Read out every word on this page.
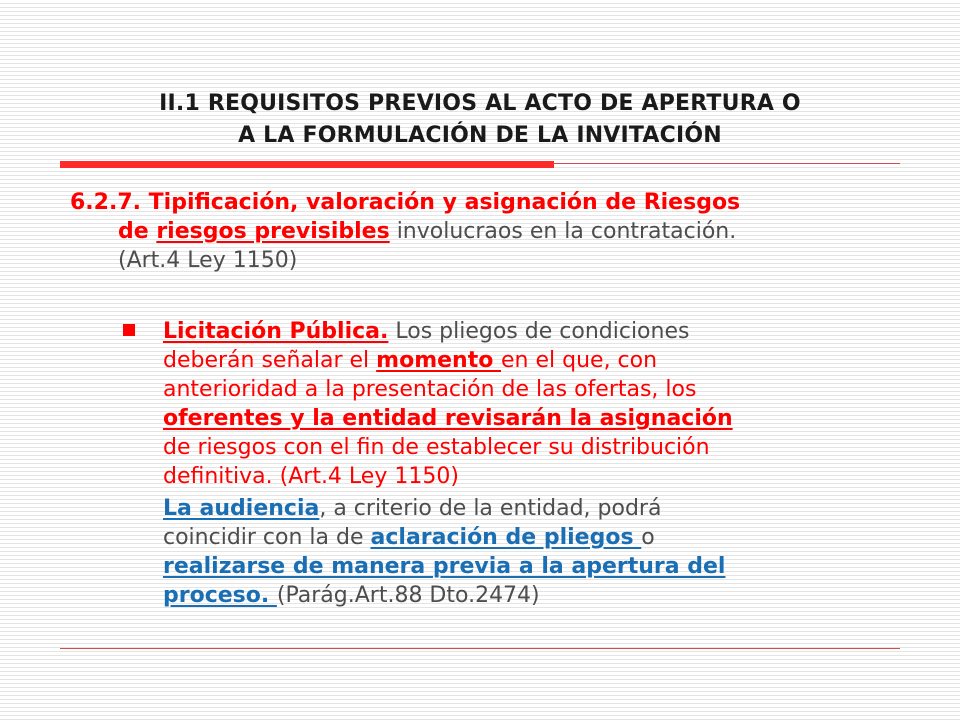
II.1 REQUISITOS PREVIOS AL ACTO DE APERTURA O
A LA FORMULACIÓN DE LA INVITACIÓN
6.2.7. Tipificación, valoración y asignación de Riesgos
de riesgos previsibles involucraos en la contratación.
(Art.4 Ley 1150)
Licitación Pública. Los pliegos de condiciones
deberán señalar el momento en el que, con
anterioridad a la presentación de las ofertas, los
oferentes y la entidad revisarán la asignación
de riesgos con el fin de establecer su distribución
definitiva. (Art.4 Ley 1150)
La audiencia, a criterio de la entidad, podrá
coincidir con la de aclaración de pliegos o
realizarse de manera previa a la apertura del
proceso. (Parág.Art.88 Dto.2474)
